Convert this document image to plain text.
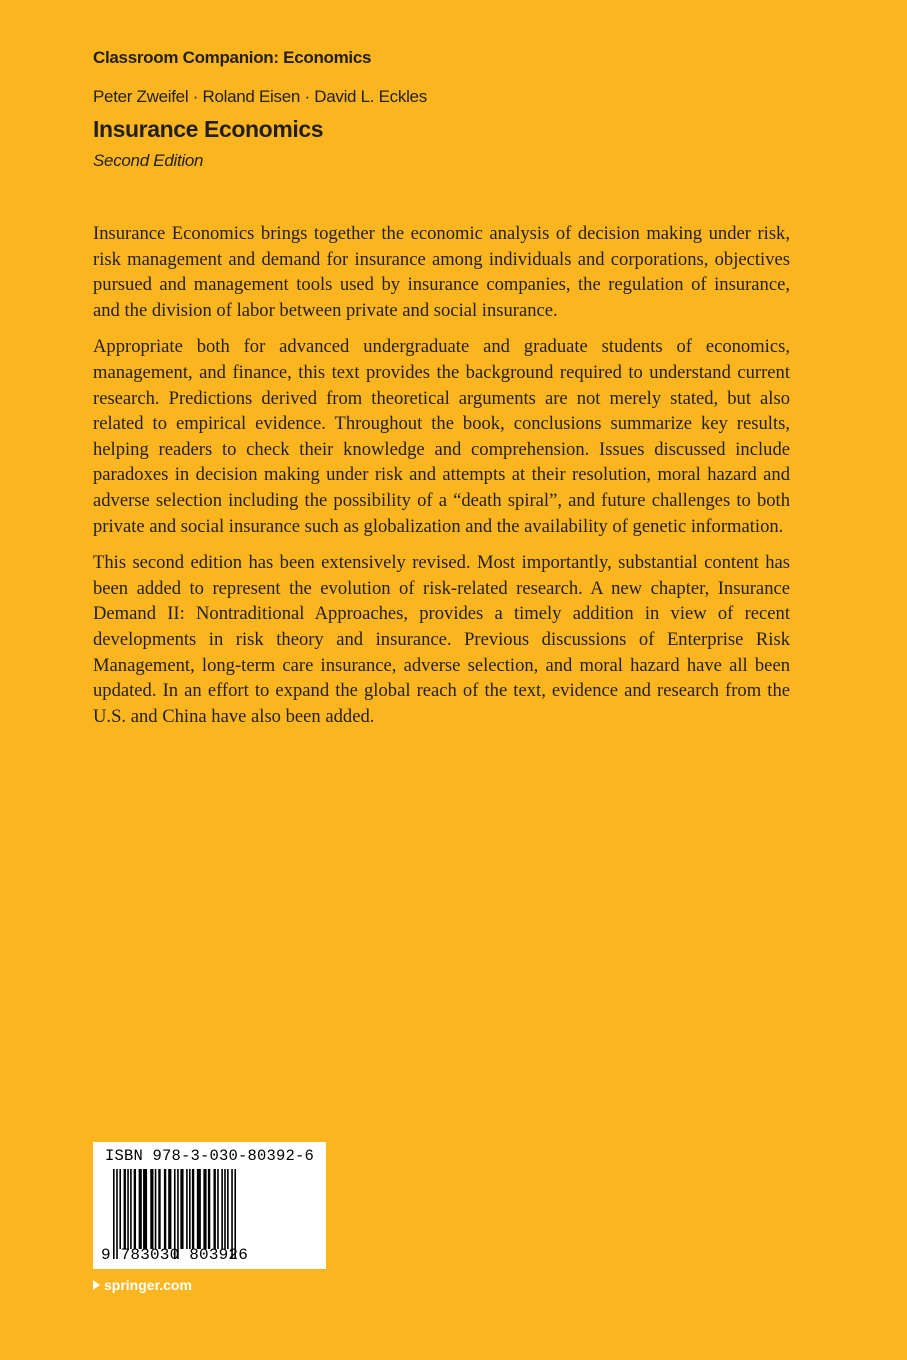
Classroom Companion: Economics
Peter Zweifel · Roland Eisen · David L. Eckles
Insurance Economics
Second Edition

Insurance Economics brings together the economic analysis of decision making under risk, risk management and demand for insurance among individuals and corporations, objectives pursued and management tools used by insurance companies, the regulation of insurance, and the division of labor between private and social insurance.

Appropriate both for advanced undergraduate and graduate students of economics, management, and finance, this text provides the background required to understand current research. Predictions derived from theoretical arguments are not merely stated, but also related to empirical evidence. Throughout the book, conclusions summarize key results, helping readers to check their knowledge and comprehension. Issues discussed include paradoxes in decision making under risk and attempts at their resolution, moral hazard and adverse selection including the possibility of a “death spiral”, and future challenges to both private and social insurance such as globalization and the availability of genetic information.

This second edition has been extensively revised. Most importantly, substantial content has been added to represent the evolution of risk-related research. A new chapter, Insurance Demand II: Nontraditional Approaches, provides a timely addition in view of recent developments in risk theory and insurance. Previous discussions of Enterprise Risk Management, long-term care insurance, adverse selection, and moral hazard have all been updated. In an effort to expand the global reach of the text, evidence and research from the U.S. and China have also been added.

ISBN 978-3-030-80392-6
9 783030 803926
springer.com
